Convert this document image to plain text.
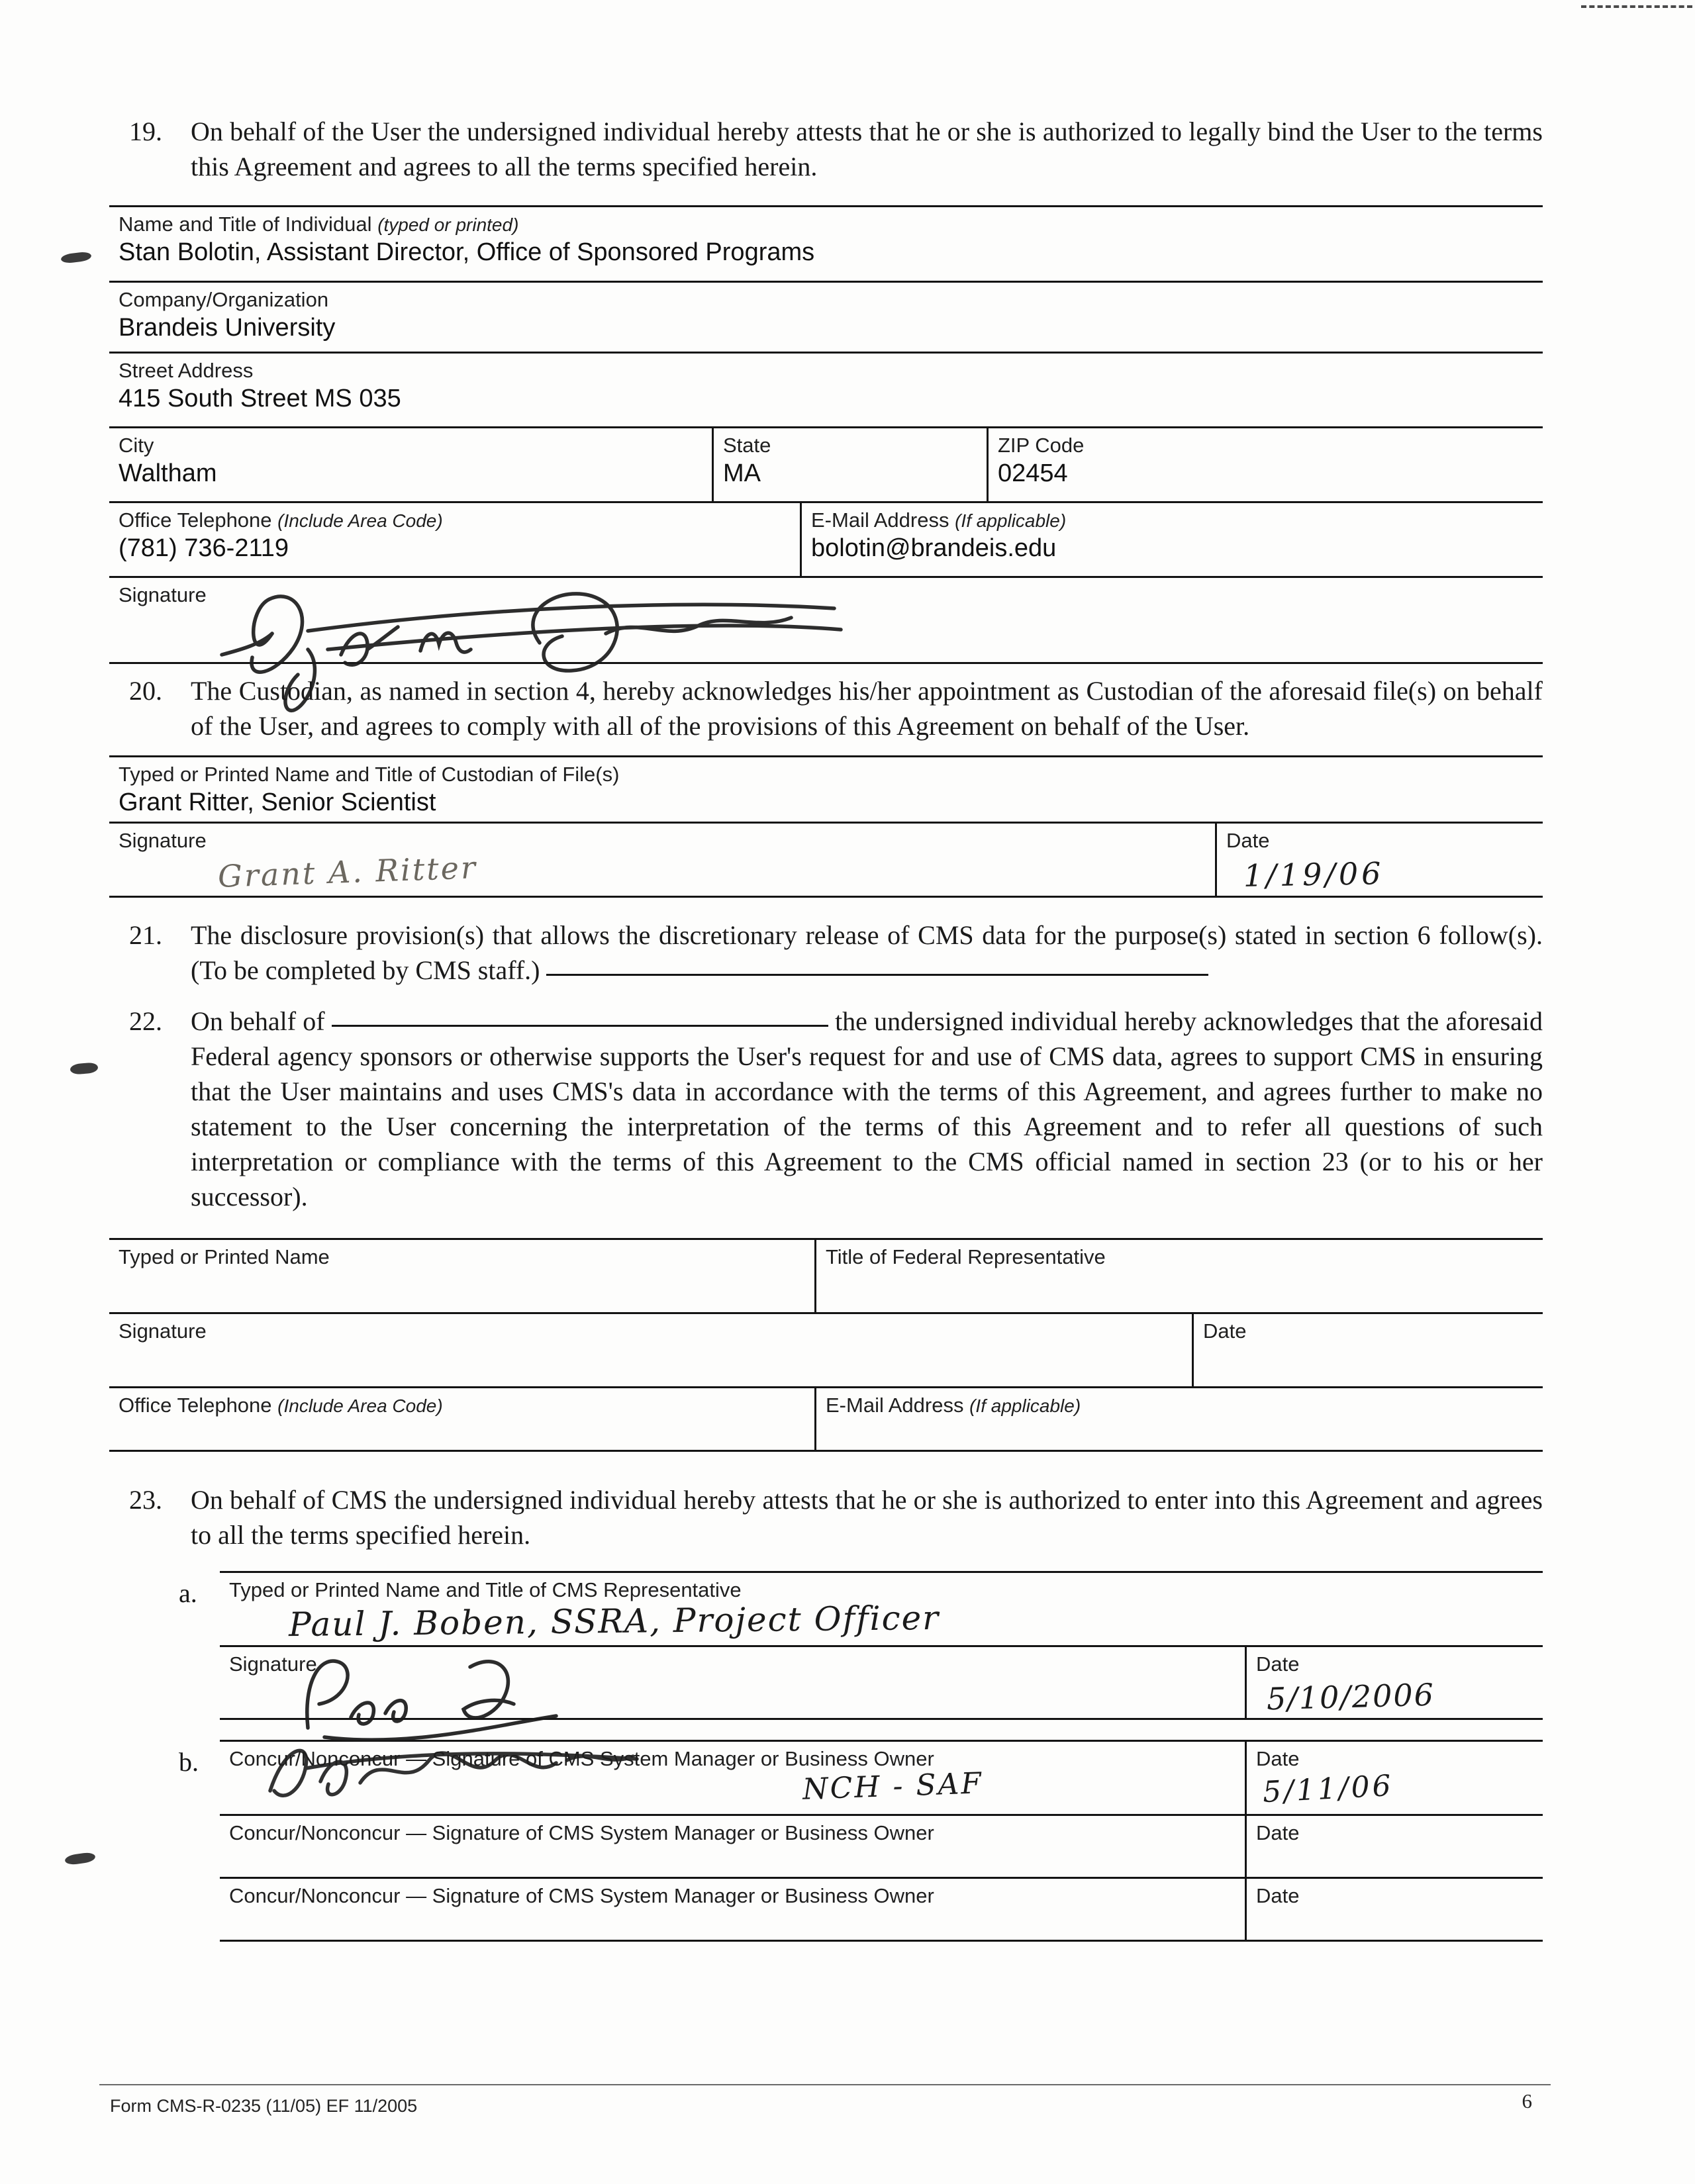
19.	On behalf of the User the undersigned individual hereby attests that he or she is authorized to legally bind the User to the terms this Agreement and agrees to all the terms specified herein.
Name and Title of Individual (typed or printed)
Stan Bolotin, Assistant Director, Office of Sponsored Programs
Company/Organization
Brandeis University
Street Address
415 South Street MS 035
City
Waltham
State
MA
ZIP Code
02454
Office Telephone (Include Area Code)
(781) 736-2119
E-Mail Address (If applicable)
bolotin@brandeis.edu
Signature
20.	The Custodian, as named in section 4, hereby acknowledges his/her appointment as Custodian of the aforesaid file(s) on behalf of the User, and agrees to comply with all of the provisions of this Agreement on behalf of the User.
Typed or Printed Name and Title of Custodian of File(s)
Grant Ritter, Senior Scientist
Signature
Grant A. Ritter
Date
1/19/06
21.	The disclosure provision(s) that allows the discretionary release of CMS data for the purpose(s) stated in section 6 follow(s). (To be completed by CMS staff.)
22.	On behalf of	the undersigned individual hereby acknowledges that the aforesaid Federal agency sponsors or otherwise supports the User's request for and use of CMS data, agrees to support CMS in ensuring that the User maintains and uses CMS's data in accordance with the terms of this Agreement, and agrees further to make no statement to the User concerning the interpretation of the terms of this Agreement and to refer all questions of such interpretation or compliance with the terms of this Agreement to the CMS official named in section 23 (or to his or her successor).
Typed or Printed Name	Title of Federal Representative
Signature	Date
Office Telephone (Include Area Code)	E-Mail Address (If applicable)
23.	On behalf of CMS the undersigned individual hereby attests that he or she is authorized to enter into this Agreement and agrees to all the terms specified herein.
a. Typed or Printed Name and Title of CMS Representative
Paul J. Boben, SSRA, Project Officer
Signature	Date
5/10/2006
b. Concur/Nonconcur — Signature of CMS System Manager or Business Owner
NCH - SAF
Date
5/11/06
Concur/Nonconcur — Signature of CMS System Manager or Business Owner	Date
Concur/Nonconcur — Signature of CMS System Manager or Business Owner	Date
Form CMS-R-0235 (11/05) EF 11/2005	6
